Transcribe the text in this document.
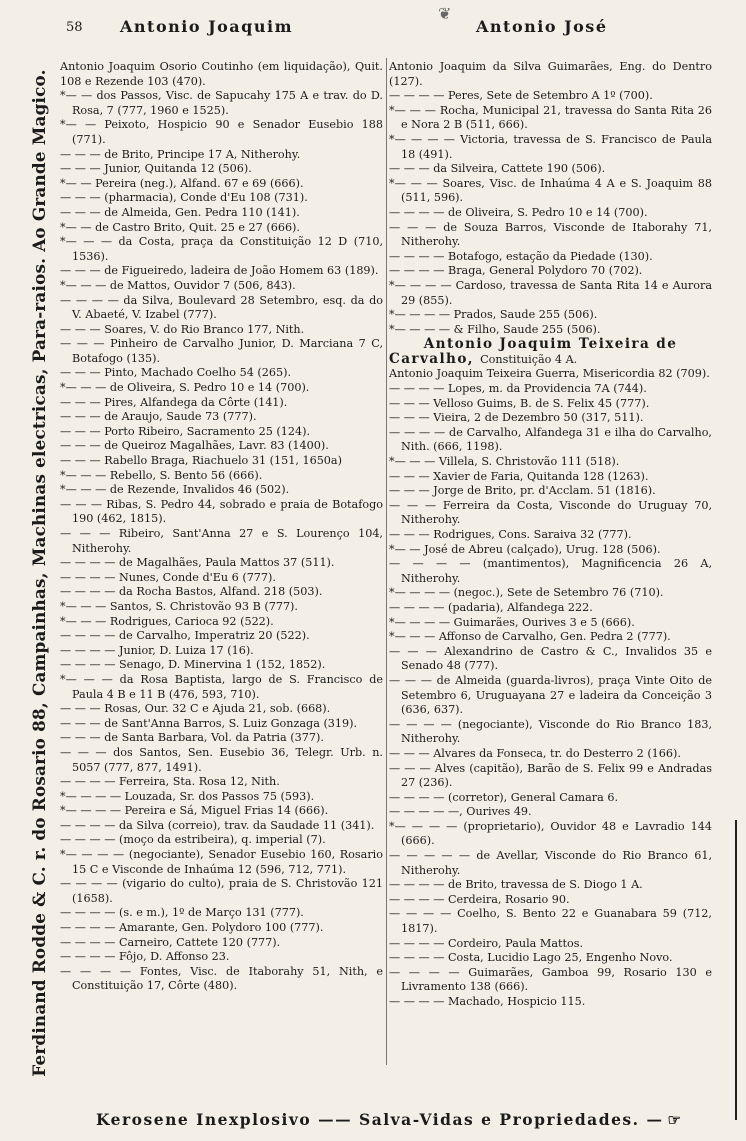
Ferdinand Rodde & C. r. do Rosario 88, Campainhas, Machinas electricas, Para-raios. Ao Grande Magico.
58 Antonio Joaquim
❦
Antonio José

Antonio Joaquim Osorio Coutinho (em liquidação), Quit. 108 e Rezende 103 (470).

*— — dos Passos, Visc. de Sapucahy 175 A e trav. do D. Rosa, 7 (777, 1960 e 1525).

*— — Peixoto, Hospicio 90 e Senador Eusebio 188 (771).

— — — de Brito, Principe 17 A, Nitherohy.

— — — Junior, Quitanda 12 (506).

*— — Pereira (neg.), Alfand. 67 e 69 (666).

— — — (pharmacia), Conde d'Eu 108 (731).

— — — de Almeida, Gen. Pedra 110 (141).

*— — de Castro Brito, Quit. 25 e 27 (666).

*— — — da Costa, praça da Constituição 12 D (710, 1536).

— — — de Figueiredo, ladeira de João Homem 63 (189).

*— — — de Mattos, Ouvidor 7 (506, 843).

— — — — da Silva, Boulevard 28 Setembro, esq. da do V. Abaeté, V. Izabel (777).

— — — Soares, V. do Rio Branco 177, Nith.

— — — Pinheiro de Carvalho Junior, D. Marciana 7 C, Botafogo (135).

— — — Pinto, Machado Coelho 54 (265).

*— — — de Oliveira, S. Pedro 10 e 14 (700).

— — — Pires, Alfandega da Côrte (141).

— — — de Araujo, Saude 73 (777).

— — — Porto Ribeiro, Sacramento 25 (124).

— — — de Queiroz Magalhães, Lavr. 83 (1400).

— — — Rabello Braga, Riachuelo 31 (151, 1650a)

*— — — Rebello, S. Bento 56 (666).

*— — — de Rezende, Invalidos 46 (502).

— — — Ribas, S. Pedro 44, sobrado e praia de Botafogo 190 (462, 1815).

— — — Ribeiro, Sant'Anna 27 e S. Lourenço 104, Nitherohy.

— — — — de Magalhães, Paula Mattos 37 (511).

— — — — Nunes, Conde d'Eu 6 (777).

— — — — da Rocha Bastos, Alfand. 218 (503).

*— — — Santos, S. Christovão 93 B (777).

*— — — Rodrigues, Carioca 92 (522).

— — — — de Carvalho, Imperatriz 20 (522).

— — — — Junior, D. Luiza 17 (16).

— — — — Senago, D. Minervina 1 (152, 1852).

*— — — da Rosa Baptista, largo de S. Francisco de Paula 4 B e 11 B (476, 593, 710).

— — — Rosas, Our. 32 C e Ajuda 21, sob. (668).

— — — de Sant'Anna Barros, S. Luiz Gonzaga (319).

— — — de Santa Barbara, Vol. da Patria (377).

— — — dos Santos, Sen. Eusebio 36, Telegr. Urb. n. 5057 (777, 877, 1491).

— — — — Ferreira, Sta. Rosa 12, Nith.

*— — — — Louzada, Sr. dos Passos 75 (593).

*— — — — Pereira e Sá, Miguel Frias 14 (666).

— — — — da Silva (correio), trav. da Saudade 11 (341).

— — — — (moço da estribeira), q. imperial (7).

*— — — — (negociante), Senador Eusebio 160, Rosario 15 C e Visconde de Inhaúma 12 (596, 712, 771).

— — — — (vigario do culto), praia de S. Christovão 121 (1658).

— — — — (s. e m.), 1º de Março 131 (777).

— — — — Amarante, Gen. Polydoro 100 (777).

— — — — Carneiro, Cattete 120 (777).

— — — — Fôjo, D. Affonso 23.

— — — — Fontes, Visc. de Itaborahy 51, Nith, e Constituição 17, Côrte (480).

Antonio Joaquim da Silva Guimarães, Eng. do Dentro (127).

— — — — Peres, Sete de Setembro A 1º (700).

*— — — Rocha, Municipal 21, travessa do Santa Rita 26 e Nora 2 B (511, 666).

*— — — — Victoria, travessa de S. Francisco de Paula 18 (491).

— — — da Silveira, Cattete 190 (506).

*— — — Soares, Visc. de Inhaúma 4 A e S. Joaquim 88 (511, 596).

— — — — de Oliveira, S. Pedro 10 e 14 (700).

— — — de Souza Barros, Visconde de Itaborahy 71, Nitherohy.

— — — — Botafogo, estação da Piedade (130).

— — — — Braga, General Polydoro 70 (702).

*— — — — Cardoso, travessa de Santa Rita 14 e Aurora 29 (855).

*— — — — Prados, Saude 255 (506).

*— — — — & Filho, Saude 255 (506).

Antonio Joaquim Teixeira de

Carvalho, Constituição 4 A.

Antonio Joaquim Teixeira Guerra, Misericordia 82 (709).

— — — — Lopes, m. da Providencia 7A (744).

— — — Velloso Guims, B. de S. Felix 45 (777).

— — — Vieira, 2 de Dezembro 50 (317, 511).

— — — — de Carvalho, Alfandega 31 e ilha do Carvalho, Nith. (666, 1198).

*— — — Villela, S. Christovão 111 (518).

— — — Xavier de Faria, Quitanda 128 (1263).

— — — Jorge de Brito, pr. d'Acclam. 51 (1816).

— — — Ferreira da Costa, Visconde do Uruguay 70, Nitherohy.

— — — Rodrigues, Cons. Saraiva 32 (777).

*— — José de Abreu (calçado), Urug. 128 (506).

— — — — (mantimentos), Magnificencia 26 A, Nitherohy.

*— — — — (negoc.), Sete de Setembro 76 (710).

— — — — (padaria), Alfandega 222.

*— — — — Guimarães, Ourives 3 e 5 (666).

*— — — Affonso de Carvalho, Gen. Pedra 2 (777).

— — — Alexandrino de Castro & C., Invalidos 35 e Senado 48 (777).

— — — de Almeida (guarda-livros), praça Vinte Oito de Setembro 6, Uruguayana 27 e ladeira da Conceição 3 (636, 637).

— — — — (negociante), Visconde do Rio Branco 183, Nitherohy.

— — — Alvares da Fonseca, tr. do Desterro 2 (166).

— — — Alves (capitão), Barão de S. Felix 99 e Andradas 27 (236).

— — — — (corretor), General Camara 6.

— — — — —, Ourives 49.

*— — — — (proprietario), Ouvidor 48 e Lavradio 144 (666).

— — — — — de Avellar, Visconde do Rio Branco 61, Nitherohy.

— — — — de Brito, travessa de S. Diogo 1 A.

— — — — Cerdeira, Rosario 90.

— — — — Coelho, S. Bento 22 e Guanabara 59 (712, 1817).

— — — — Cordeiro, Paula Mattos.

— — — — Costa, Lucidio Lago 25, Engenho Novo.

— — — — Guimarães, Gamboa 99, Rosario 130 e Livramento 138 (666).

— — — — Machado, Hospicio 115.

Kerosene Inexplosivo —— Salva-Vidas e Propriedades. — ☞
